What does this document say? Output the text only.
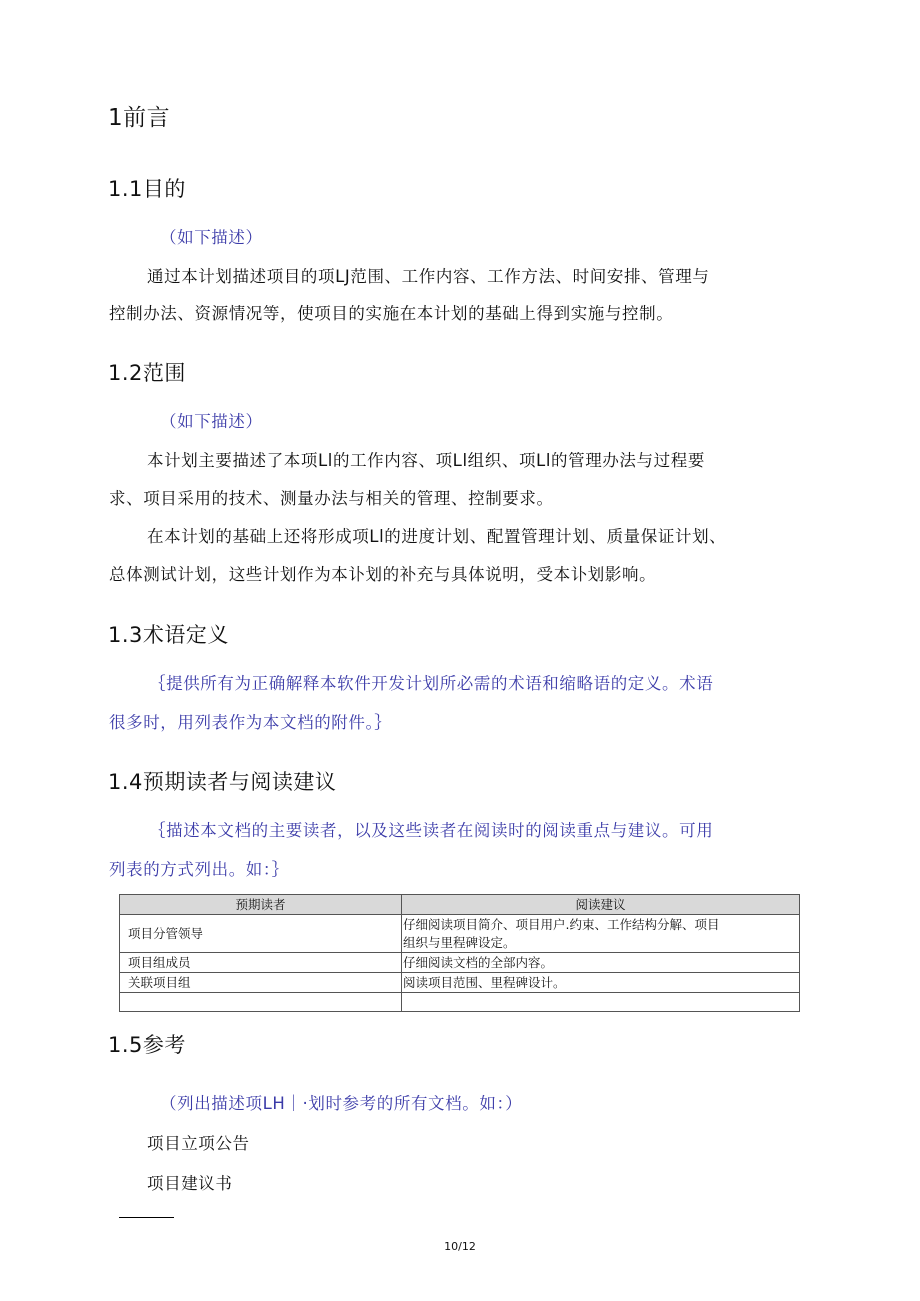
1前言
1.1目的
（如下描述）
通过本计划描述项目的项LJ范围、工作内容、工作方法、时间安排、管理与
控制办法、资源情况等，使项目的实施在本计划的基础上得到实施与控制。
1.2范围
（如下描述）
本计划主要描述了本项Ll的工作内容、项Ll组织、项Ll的管理办法与过程要
求、项目采用的技术、测量办法与相关的管理、控制要求。
在本计划的基础上还将形成项Ll的进度计划、配置管理计划、质量保证计划、
总体测试计划，这些计划作为本讣划的补充与具体说明，受本讣划影响。
1.3术语定义
｛提供所有为正确解释本软件开发计划所必需的术语和缩略语的定义。术语
很多时，用列表作为本文档的附件。｝
1.4预期读者与阅读建议
｛描述本文档的主要读者，以及这些读者在阅读时的阅读重点与建议。可用
列表的方式列出。如：｝
预期读者	阅读建议
项目分管领导	仔细阅读项目简介、项目用户.约束、工作结构分解、项目
组织与里程碑设定。

项目组成员	仔细阅读文档的全部内容。
关联项目组	阅读项目范围、里程碑设计。

1.5参考
（列出描述项LH｜·划时参考的所有文档。如：）
项目立项公告
项目建议书
10/12
